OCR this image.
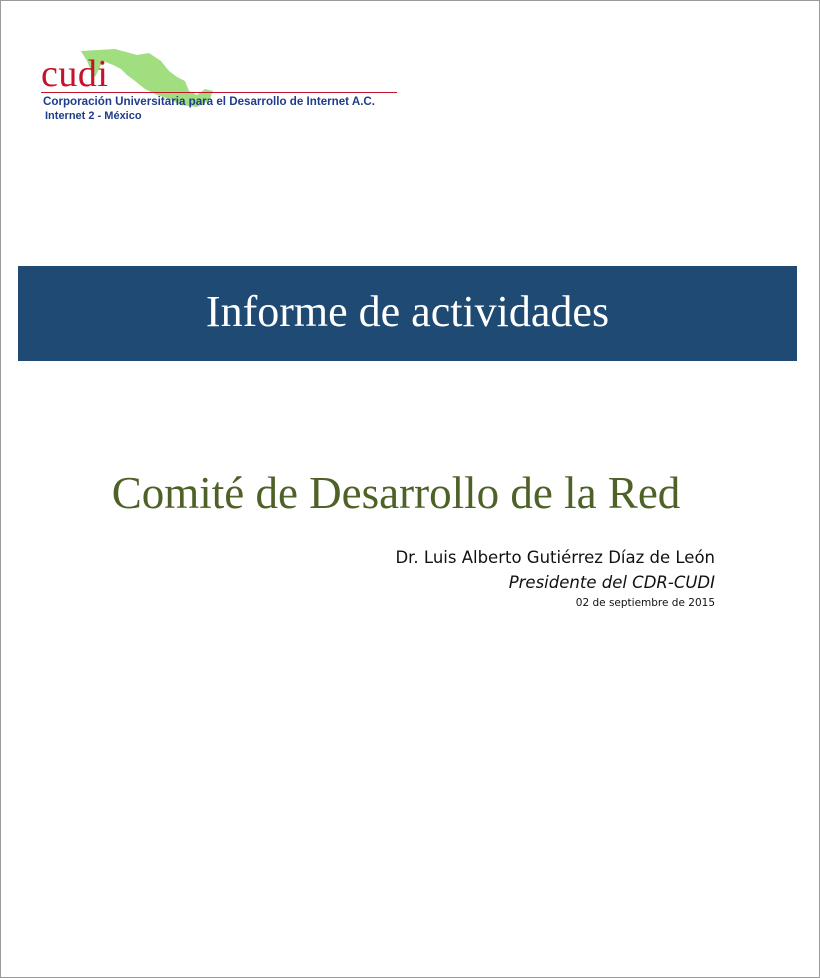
cudi
Corporación Universitaria para el Desarrollo de Internet A.C.
Internet 2 - México
Informe de actividades
Comité de Desarrollo de la Red
Dr. Luis Alberto Gutiérrez Díaz de León
Presidente del CDR-CUDI
02 de septiembre de 2015
